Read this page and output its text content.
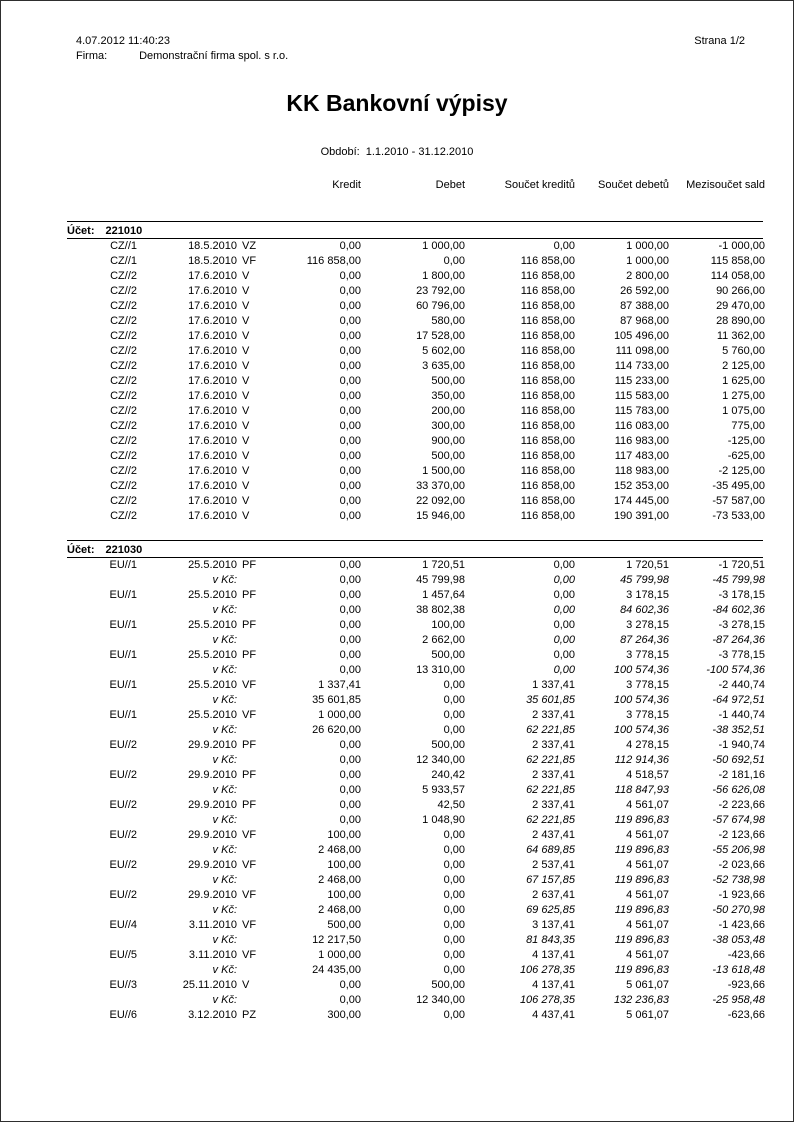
4.07.2012 11:40:23	Strana 1/2
Firma:	Demonstrační firma spol. s r.o.
KK Bankovní výpisy
Období: 1.1.2010 - 31.12.2010
Kredit	Debet	Součet kreditů	Součet debetů	Mezisoučet sald
Účet: 221010
CZ//1	18.5.2010 VZ	0,00	1 000,00	0,00	1 000,00	-1 000,00
CZ//1	18.5.2010 VF	116 858,00	0,00	116 858,00	1 000,00	115 858,00
CZ//2	17.6.2010 V	0,00	1 800,00	116 858,00	2 800,00	114 058,00
CZ//2	17.6.2010 V	0,00	23 792,00	116 858,00	26 592,00	90 266,00
CZ//2	17.6.2010 V	0,00	60 796,00	116 858,00	87 388,00	29 470,00
CZ//2	17.6.2010 V	0,00	580,00	116 858,00	87 968,00	28 890,00
CZ//2	17.6.2010 V	0,00	17 528,00	116 858,00	105 496,00	11 362,00
CZ//2	17.6.2010 V	0,00	5 602,00	116 858,00	111 098,00	5 760,00
CZ//2	17.6.2010 V	0,00	3 635,00	116 858,00	114 733,00	2 125,00
CZ//2	17.6.2010 V	0,00	500,00	116 858,00	115 233,00	1 625,00
CZ//2	17.6.2010 V	0,00	350,00	116 858,00	115 583,00	1 275,00
CZ//2	17.6.2010 V	0,00	200,00	116 858,00	115 783,00	1 075,00
CZ//2	17.6.2010 V	0,00	300,00	116 858,00	116 083,00	775,00
CZ//2	17.6.2010 V	0,00	900,00	116 858,00	116 983,00	-125,00
CZ//2	17.6.2010 V	0,00	500,00	116 858,00	117 483,00	-625,00
CZ//2	17.6.2010 V	0,00	1 500,00	116 858,00	118 983,00	-2 125,00
CZ//2	17.6.2010 V	0,00	33 370,00	116 858,00	152 353,00	-35 495,00
CZ//2	17.6.2010 V	0,00	22 092,00	116 858,00	174 445,00	-57 587,00
CZ//2	17.6.2010 V	0,00	15 946,00	116 858,00	190 391,00	-73 533,00
Účet: 221030
EU//1	25.5.2010 PF	0,00	1 720,51	0,00	1 720,51	-1 720,51
v Kč:	0,00	45 799,98	0,00	45 799,98	-45 799,98
EU//1	25.5.2010 PF	0,00	1 457,64	0,00	3 178,15	-3 178,15
v Kč:	0,00	38 802,38	0,00	84 602,36	-84 602,36
EU//1	25.5.2010 PF	0,00	100,00	0,00	3 278,15	-3 278,15
v Kč:	0,00	2 662,00	0,00	87 264,36	-87 264,36
EU//1	25.5.2010 PF	0,00	500,00	0,00	3 778,15	-3 778,15
v Kč:	0,00	13 310,00	0,00	100 574,36	-100 574,36
EU//1	25.5.2010 VF	1 337,41	0,00	1 337,41	3 778,15	-2 440,74
v Kč:	35 601,85	0,00	35 601,85	100 574,36	-64 972,51
EU//1	25.5.2010 VF	1 000,00	0,00	2 337,41	3 778,15	-1 440,74
v Kč:	26 620,00	0,00	62 221,85	100 574,36	-38 352,51
EU//2	29.9.2010 PF	0,00	500,00	2 337,41	4 278,15	-1 940,74
v Kč:	0,00	12 340,00	62 221,85	112 914,36	-50 692,51
EU//2	29.9.2010 PF	0,00	240,42	2 337,41	4 518,57	-2 181,16
v Kč:	0,00	5 933,57	62 221,85	118 847,93	-56 626,08
EU//2	29.9.2010 PF	0,00	42,50	2 337,41	4 561,07	-2 223,66
v Kč:	0,00	1 048,90	62 221,85	119 896,83	-57 674,98
EU//2	29.9.2010 VF	100,00	0,00	2 437,41	4 561,07	-2 123,66
v Kč:	2 468,00	0,00	64 689,85	119 896,83	-55 206,98
EU//2	29.9.2010 VF	100,00	0,00	2 537,41	4 561,07	-2 023,66
v Kč:	2 468,00	0,00	67 157,85	119 896,83	-52 738,98
EU//2	29.9.2010 VF	100,00	0,00	2 637,41	4 561,07	-1 923,66
v Kč:	2 468,00	0,00	69 625,85	119 896,83	-50 270,98
EU//4	3.11.2010 VF	500,00	0,00	3 137,41	4 561,07	-1 423,66
v Kč:	12 217,50	0,00	81 843,35	119 896,83	-38 053,48
EU//5	3.11.2010 VF	1 000,00	0,00	4 137,41	4 561,07	-423,66
v Kč:	24 435,00	0,00	106 278,35	119 896,83	-13 618,48
EU//3	25.11.2010 V	0,00	500,00	4 137,41	5 061,07	-923,66
v Kč:	0,00	12 340,00	106 278,35	132 236,83	-25 958,48
EU//6	3.12.2010 PZ	300,00	0,00	4 437,41	5 061,07	-623,66
